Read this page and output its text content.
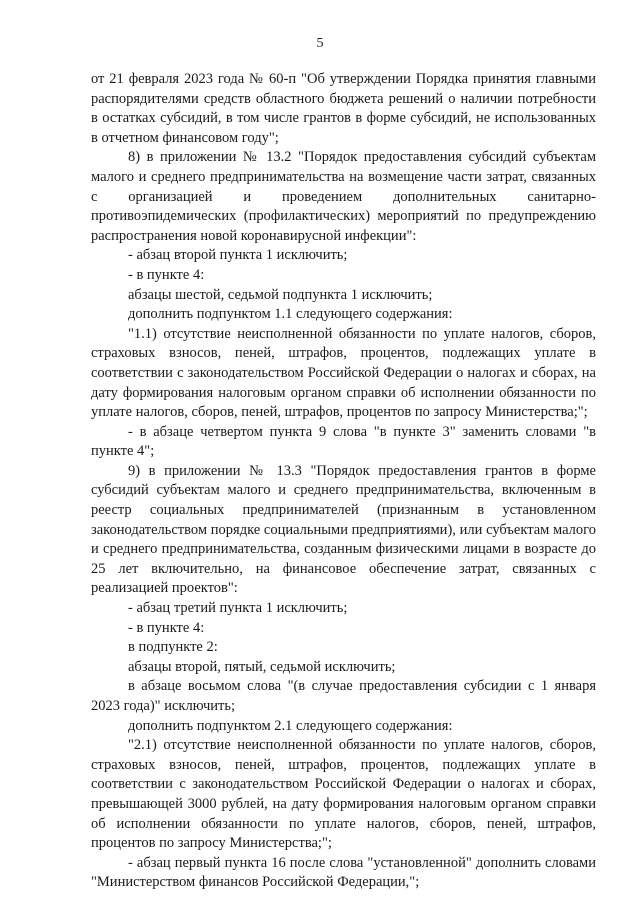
5

от 21 февраля 2023 года № 60-п "Об утверждении Порядка принятия главными распорядителями средств областного бюджета решений о наличии потребности в остатках субсидий, в том числе грантов в форме субсидий, не использованных в отчетном финансовом году";

8) в приложении № 13.2 "Порядок предоставления субсидий субъектам малого и среднего предпринимательства на возмещение части затрат, связанных с организацией и проведением дополнительных санитарно-противоэпидемических (профилактических) мероприятий по предупреждению распространения новой коронавирусной инфекции":

- абзац второй пункта 1 исключить;

- в пункте 4:

абзацы шестой, седьмой подпункта 1 исключить;

дополнить подпунктом 1.1 следующего содержания:

"1.1) отсутствие неисполненной обязанности по уплате налогов, сборов, страховых взносов, пеней, штрафов, процентов, подлежащих уплате в соответствии с законодательством Российской Федерации о налогах и сборах, на дату формирования налоговым органом справки об исполнении обязанности по уплате налогов, сборов, пеней, штрафов, процентов по запросу Министерства;";

- в абзаце четвертом пункта 9 слова "в пункте 3" заменить словами "в пункте 4";

9) в приложении № 13.3 "Порядок предоставления грантов в форме субсидий субъектам малого и среднего предпринимательства, включенным в реестр социальных предпринимателей (признанным в установленном законодательством порядке социальными предприятиями), или субъектам малого и среднего предпринимательства, созданным физическими лицами в возрасте до 25 лет включительно, на финансовое обеспечение затрат, связанных с реализацией проектов":

- абзац третий пункта 1 исключить;

- в пункте 4:

в подпункте 2:

абзацы второй, пятый, седьмой исключить;

в абзаце восьмом слова "(в случае предоставления субсидии с 1 января 2023 года)" исключить;

дополнить подпунктом 2.1 следующего содержания:

"2.1) отсутствие неисполненной обязанности по уплате налогов, сборов, страховых взносов, пеней, штрафов, процентов, подлежащих уплате в соответствии с законодательством Российской Федерации о налогах и сборах, превышающей 3000 рублей, на дату формирования налоговым органом справки об исполнении обязанности по уплате налогов, сборов, пеней, штрафов, процентов по запросу Министерства;";

- абзац первый пункта 16 после слова "установленной" дополнить словами "Министерством финансов Российской Федерации,";
